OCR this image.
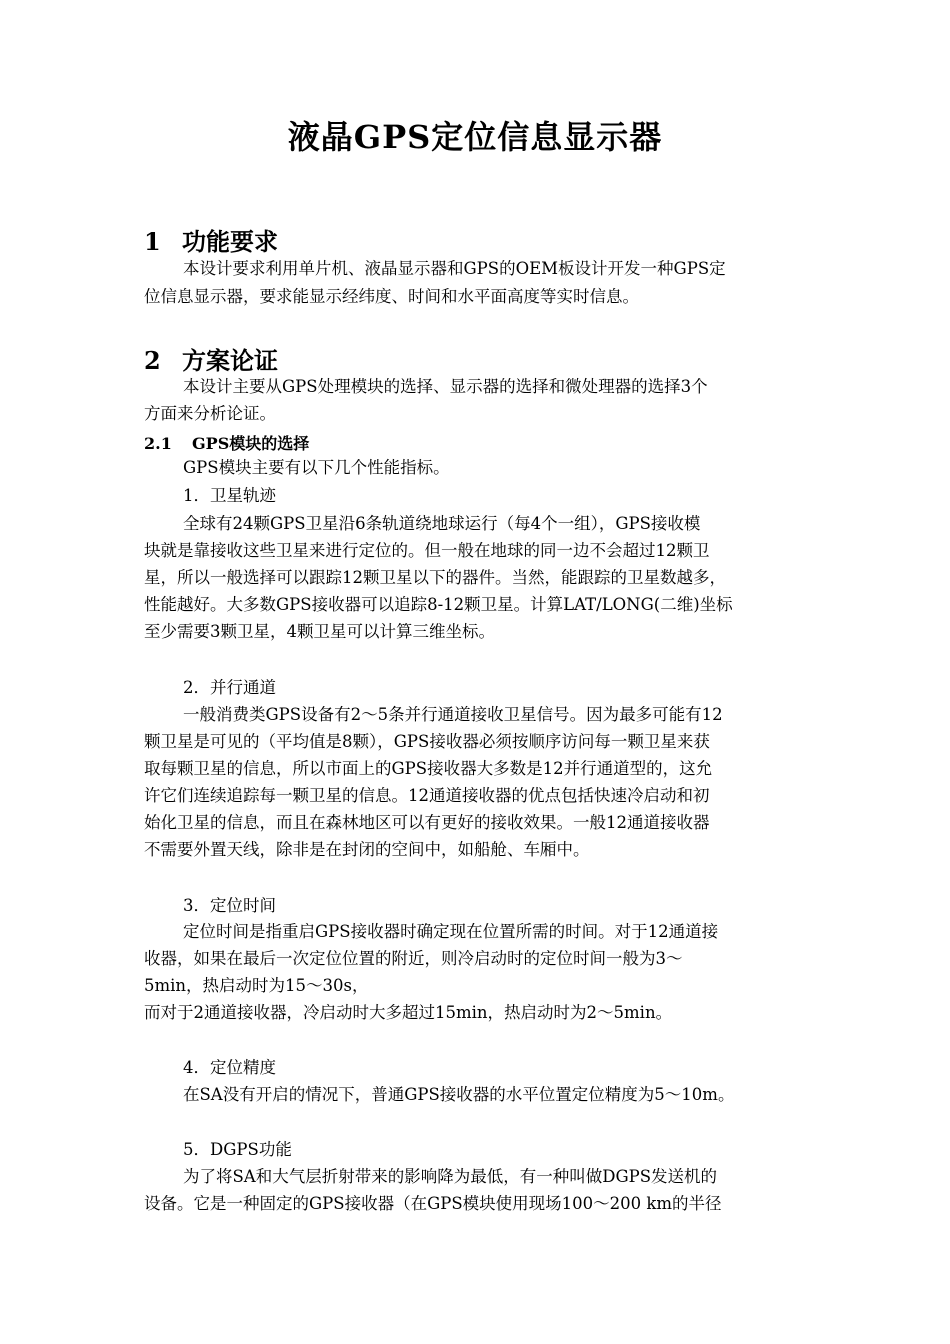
液晶GPS定位信息显示器
1 功能要求
本设计要求利用单片机、液晶显示器和GPS的OEM板设计开发一种GPS定
位信息显示器，要求能显示经纬度、时间和水平面高度等实时信息。
2 方案论证
本设计主要从GPS处理模块的选择、显示器的选择和微处理器的选择3个
方面来分析论证。
2.1 GPS模块的选择
GPS模块主要有以下几个性能指标。
1．卫星轨迹
全球有24颗GPS卫星沿6条轨道绕地球运行（每4个一组），GPS接收模
块就是靠接收这些卫星来进行定位的。但一般在地球的同一边不会超过12颗卫
星，所以一般选择可以跟踪12颗卫星以下的器件。当然，能跟踪的卫星数越多，
性能越好。大多数GPS接收器可以追踪8-12颗卫星。计算LAT/LONG(二维)坐标
至少需要3颗卫星，4颗卫星可以计算三维坐标。
2．并行通道
一般消费类GPS设备有2～5条并行通道接收卫星信号。因为最多可能有12
颗卫星是可见的（平均值是8颗），GPS接收器必须按顺序访问每一颗卫星来获
取每颗卫星的信息，所以市面上的GPS接收器大多数是12并行通道型的，这允
许它们连续追踪每一颗卫星的信息。12通道接收器的优点包括快速冷启动和初
始化卫星的信息，而且在森林地区可以有更好的接收效果。一般12通道接收器
不需要外置天线，除非是在封闭的空间中，如船舱、车厢中。
3．定位时间
定位时间是指重启GPS接收器时确定现在位置所需的时间。对于12通道接
收器，如果在最后一次定位位置的附近，则冷启动时的定位时间一般为3～
5min，热启动时为15～30s，
而对于2通道接收器，冷启动时大多超过15min，热启动时为2～5min。
4．定位精度
在SA没有开启的情况下，普通GPS接收器的水平位置定位精度为5～10m。
5．DGPS功能
为了将SA和大气层折射带来的影响降为最低，有一种叫做DGPS发送机的
设备。它是一种固定的GPS接收器（在GPS模块使用现场100～200 km的半径
